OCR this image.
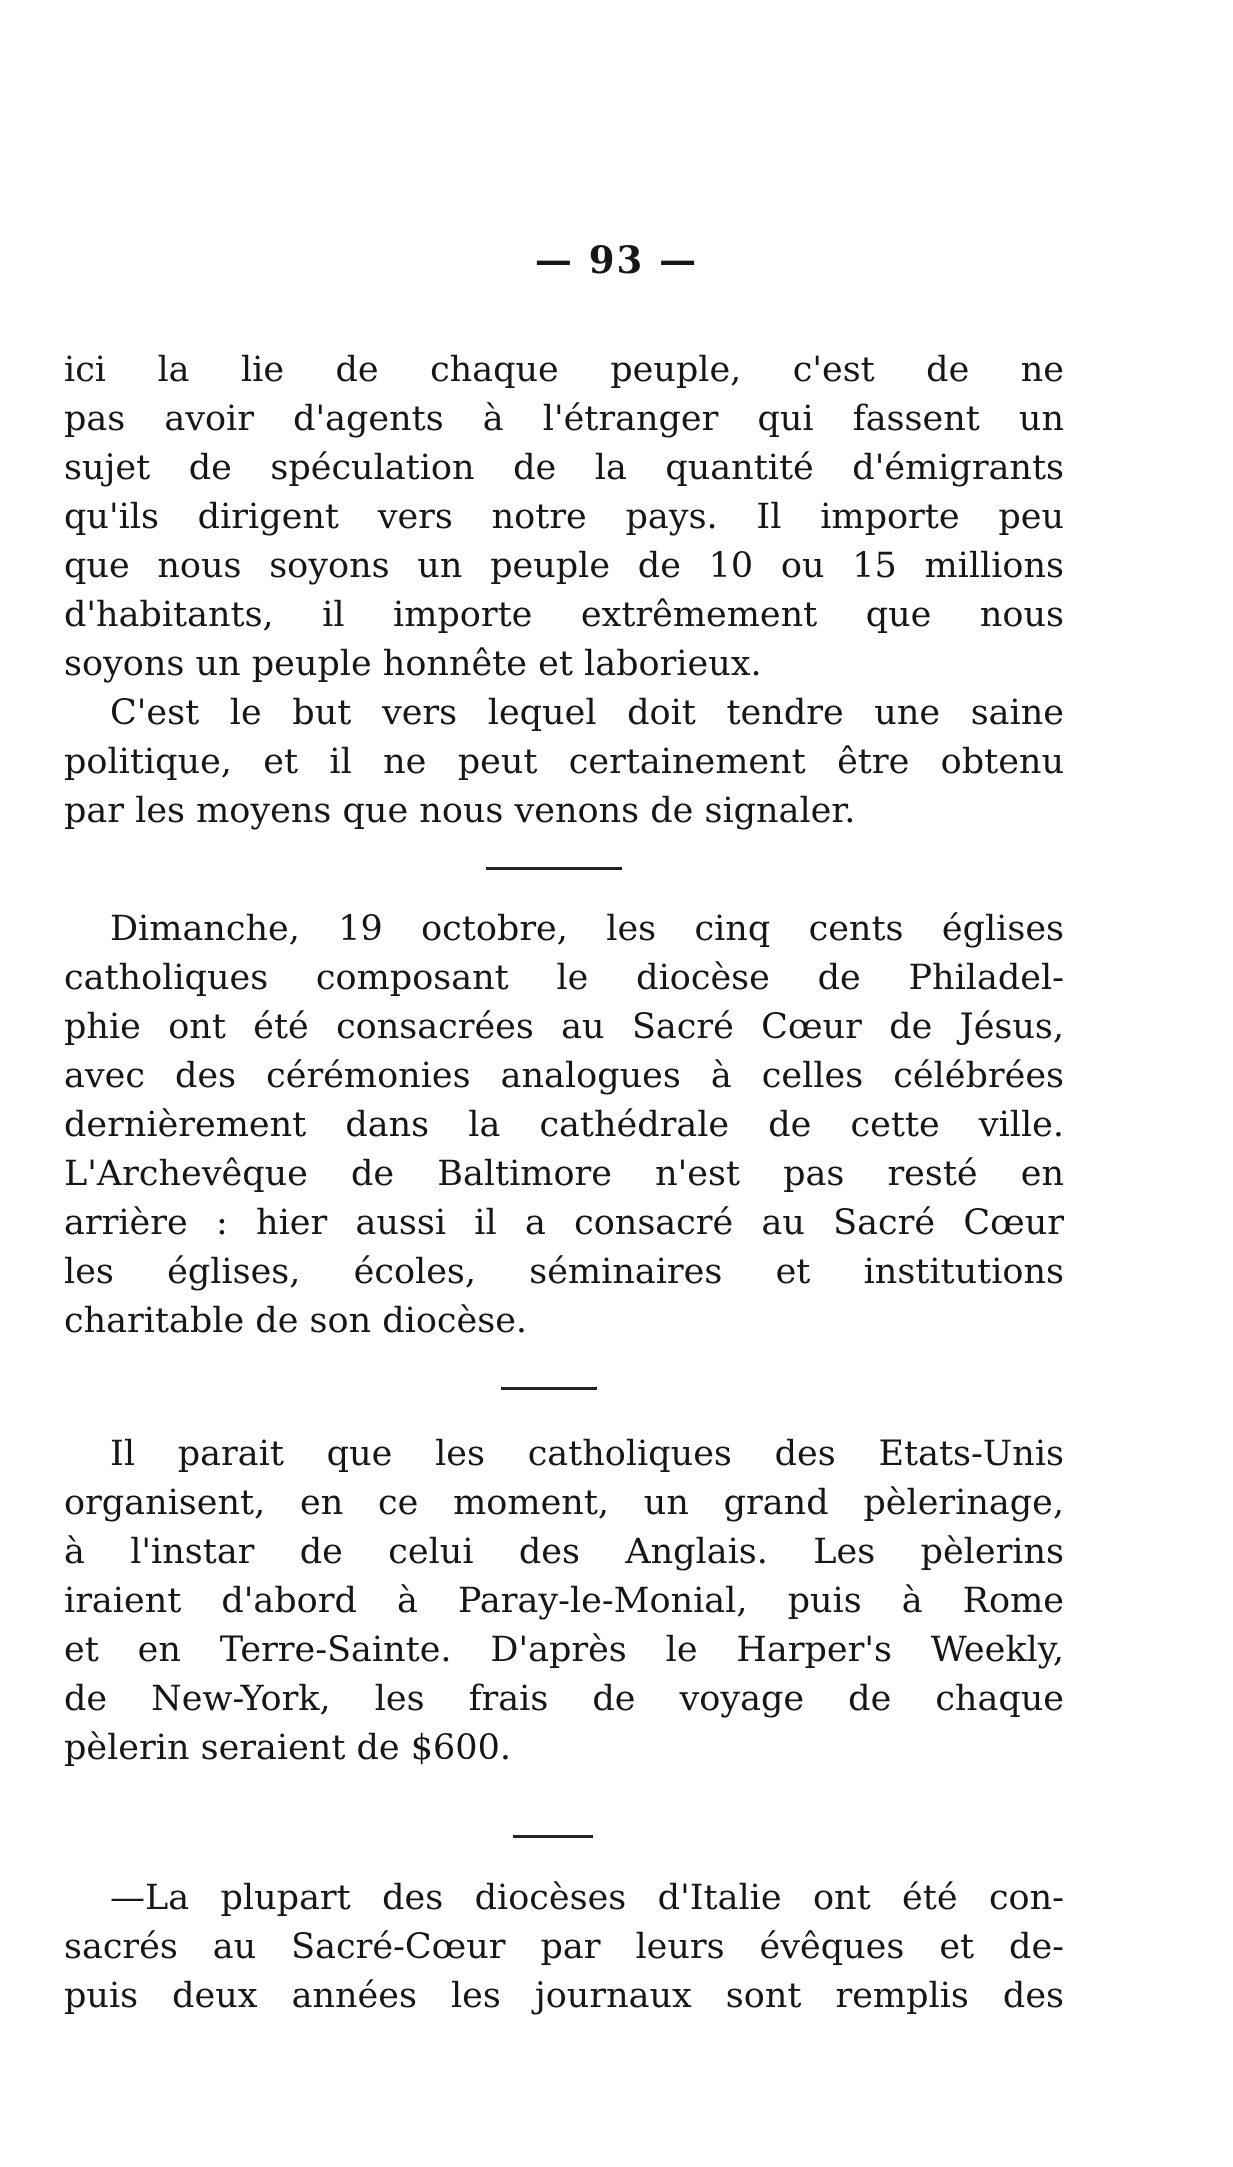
— 93 —
ici la lie de chaque peuple, c'est de ne
pas avoir d'agents à l'étranger qui fassent un
sujet de spéculation de la quantité d'émigrants
qu'ils dirigent vers notre pays. Il importe peu
que nous soyons un peuple de 10 ou 15 millions
d'habitants, il importe extrêmement que nous
soyons un peuple honnête et laborieux.
C'est le but vers lequel doit tendre une saine
politique, et il ne peut certainement être obtenu
par les moyens que nous venons de signaler.
Dimanche, 19 octobre, les cinq cents églises
catholiques composant le diocèse de Philadel-
phie ont été consacrées au Sacré Cœur de Jésus,
avec des cérémonies analogues à celles célébrées
dernièrement dans la cathédrale de cette ville.
L'Archevêque de Baltimore n'est pas resté en
arrière : hier aussi il a consacré au Sacré Cœur
les églises, écoles, séminaires et institutions
charitable de son diocèse.
Il parait que les catholiques des Etats-Unis
organisent, en ce moment, un grand pèlerinage,
à l'instar de celui des Anglais. Les pèlerins
iraient d'abord à Paray-le-Monial, puis à Rome
et en Terre-Sainte. D'après le Harper's Weekly,
de New-York, les frais de voyage de chaque
pèlerin seraient de $600.
—La plupart des diocèses d'Italie ont été con-
sacrés au Sacré-Cœur par leurs évêques et de-
puis deux années les journaux sont remplis des
